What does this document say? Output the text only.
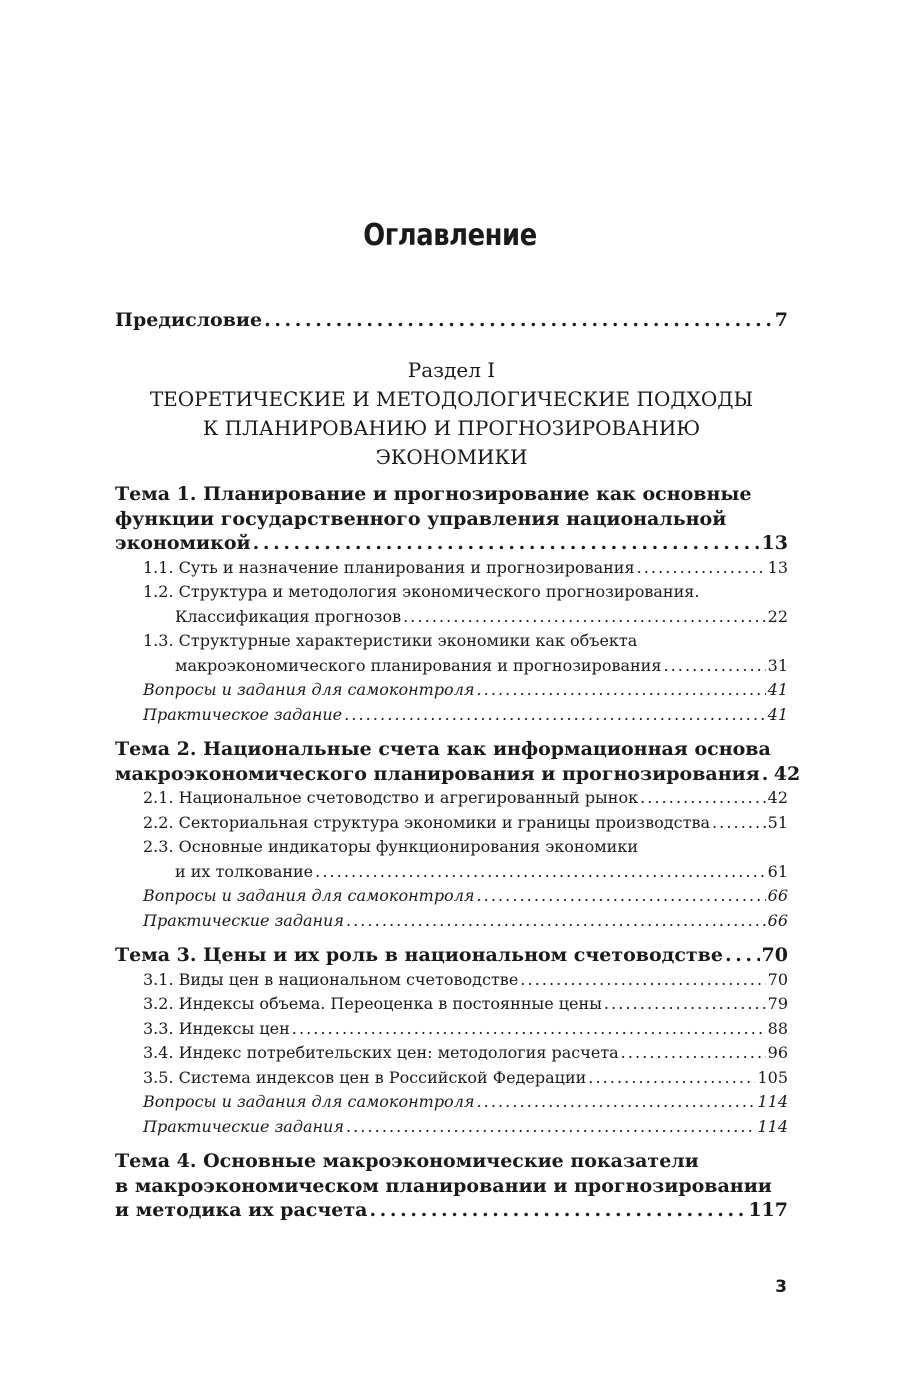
Оглавление
Предисловие . . .	7
Раздел I
ТЕОРЕТИЧЕСКИЕ И МЕТОДОЛОГИЧЕСКИЕ ПОДХОДЫ
К ПЛАНИРОВАНИЮ И ПРОГНОЗИРОВАНИЮ
ЭКОНОМИКИ
Тема 1. Планирование и прогнозирование как основные
функции государственного управления национальной
экономикой . . .	13
1.1. Суть и назначение планирования и прогнозирования . . .	13
1.2. Структура и методология экономического прогнозирования.
Классификация прогнозов . . .	22
1.3. Структурные характеристики экономики как объекта
макроэкономического планирования и прогнозирования . . .	31
Вопросы и задания для самоконтроля . . .	41
Практическое задание . . .	41
Тема 2. Национальные счета как информационная основа
макроэкономического планирования и прогнозирования . . . 42
2.1. Национальное счетоводство и агрегированный рынок . . .	42
2.2. Секториальная структура экономики и границы производства . . .	51
2.3. Основные индикаторы функционирования экономики
и их толкование . . .	61
Вопросы и задания для самоконтроля . . .	66
Практические задания . . .	66
Тема 3. Цены и их роль в национальном счетоводстве . . . 70
3.1. Виды цен в национальном счетоводстве . . .	70
3.2. Индексы объема. Переоценка в постоянные цены . . .	79
3.3. Индексы цен . . .	88
3.4. Индекс потребительских цен: методология расчета . . .	96
3.5. Система индексов цен в Российской Федерации . . .	105
Вопросы и задания для самоконтроля . . .	114
Практические задания . . .	114
Тема 4. Основные макроэкономические показатели
в макроэкономическом планировании и прогнозировании
и методика их расчета . . .	117
3
